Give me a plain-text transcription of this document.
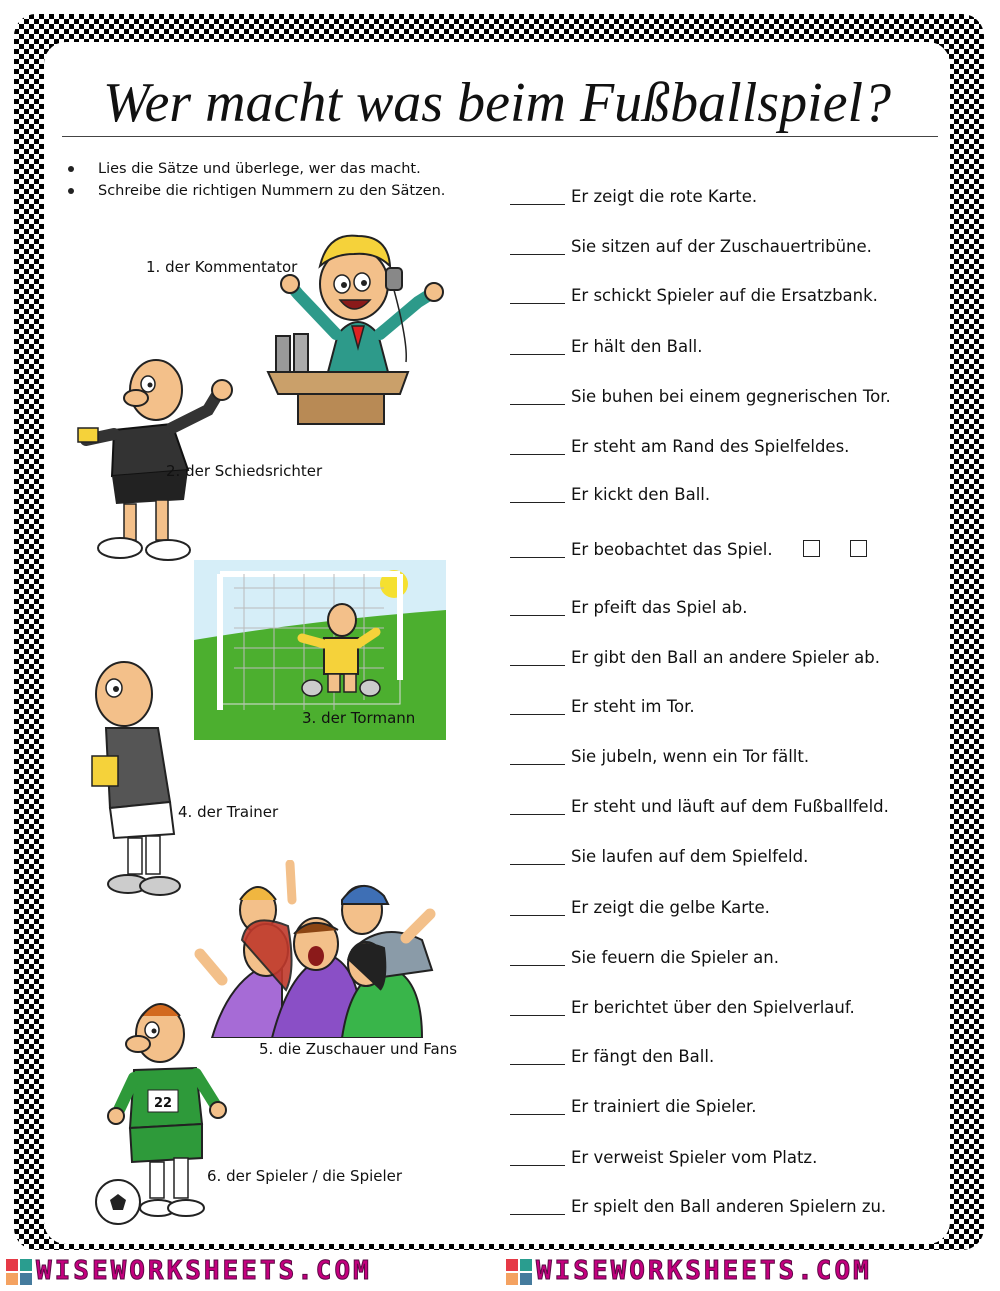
Wer macht was beim Fußballspiel?
Lies die Sätze und überlege, wer das macht.
Schreibe die richtigen Nummern zu den Sätzen.
1. der Kommentator
2. der Schiedsrichter
3. der Tormann
4. der Trainer
5. die Zuschauer und Fans
22
6. der Spieler / die Spieler
Er zeigt die rote Karte.
Sie sitzen auf der Zuschauertribüne.
Er schickt Spieler auf die Ersatzbank.
Er hält den Ball.
Sie buhen bei einem gegnerischen Tor.
Er steht am Rand des Spielfeldes.
Er kickt den Ball.
Er beobachtet das Spiel.
Er pfeift das Spiel ab.
Er gibt den Ball an andere Spieler ab.
Er steht im Tor.
Sie jubeln, wenn ein Tor fällt.
Er steht und läuft auf dem Fußballfeld.
Sie laufen auf dem Spielfeld.
Er zeigt die gelbe Karte.
Sie feuern die Spieler an.
Er berichtet über den Spielverlauf.
Er fängt den Ball.
Er trainiert die Spieler.
Er verweist Spieler vom Platz.
Er spielt den Ball anderen Spielern zu.
WISEWORKSHEETS.COM	WISEWORKSHEETS.COM
